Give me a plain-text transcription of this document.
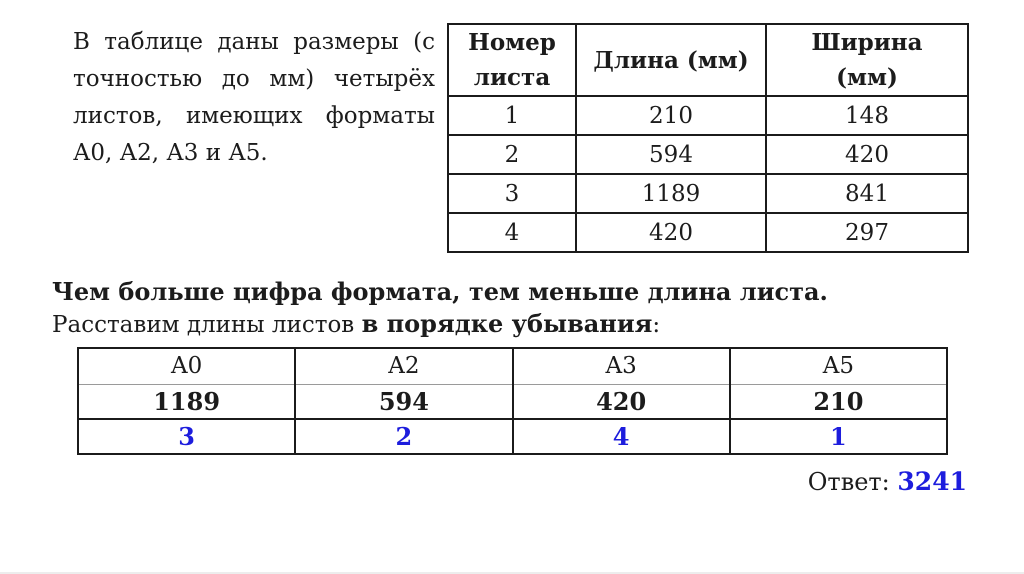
В таблице даны размеры (с
точностью до мм) четырёх
листов, имеющих форматы
А0, А2, А3 и А5.
Номер листа	Длина (мм)	Ширина (мм)
1	210	148
2	594	420
3	1189	841
4	420	297
Чем больше цифра формата, тем меньше длина листа.
Расставим длины листов в порядке убывания:
A0	A2	A3	A5
1189	594	420	210
3	2	4	1
Ответ: 3241
